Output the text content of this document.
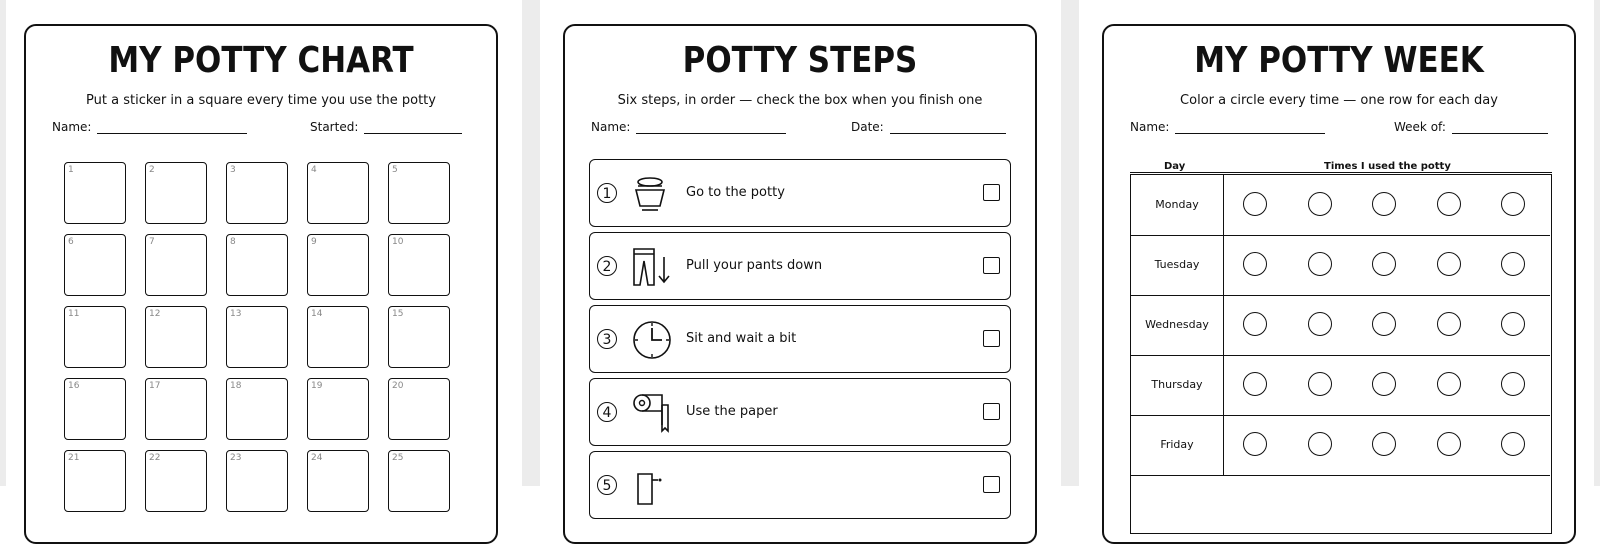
MY POTTY CHART
Put a sticker in a square every time you use the potty
Name:	Started:
1	2	3	4	5
6	7	8	9	10
11	12	13	14	15
16	17	18	19	20
21	22	23	24	25
POTTY STEPS
Six steps, in order — check the box when you finish one
Name:	Date:
1	Go to the potty
2	Pull your pants down
3	Sit and wait a bit
4	Use the paper
5
MY POTTY WEEK
Color a circle every time — one row for each day
Name:	Week of:
Day	Times I used the potty
Monday
Tuesday
Wednesday
Thursday
Friday
